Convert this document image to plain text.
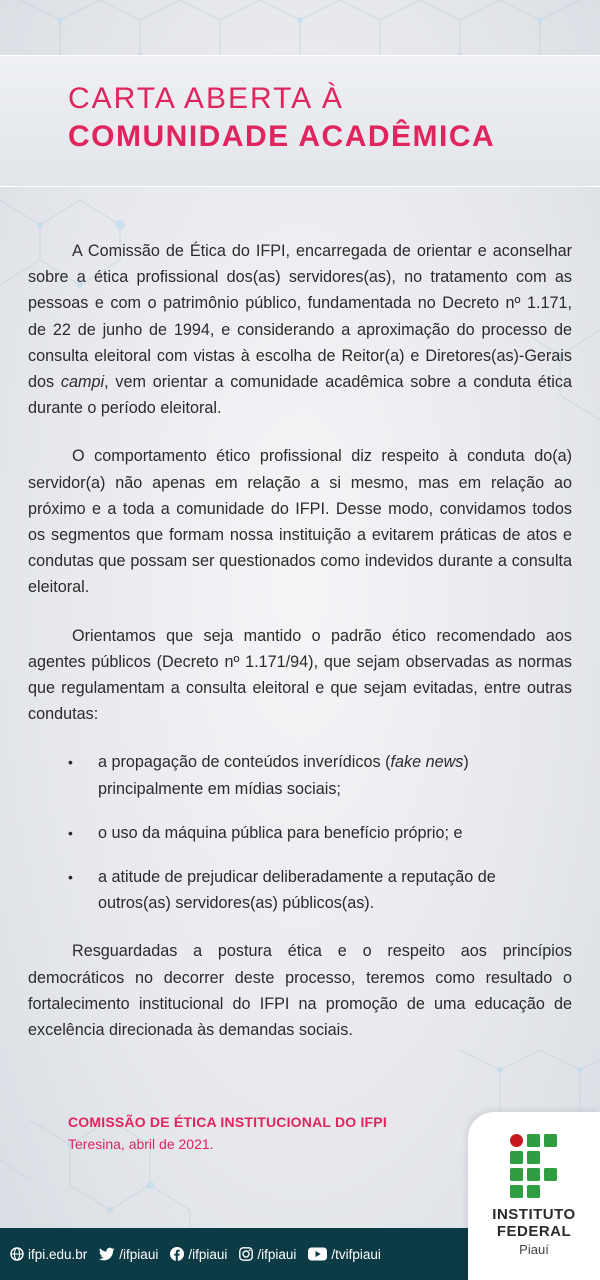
CARTA ABERTA À
COMUNIDADE ACADÊMICA

A Comissão de Ética do IFPI, encarregada de orientar e aconselhar sobre a ética profissional dos(as) servidores(as), no tratamento com as pessoas e com o patrimônio público, fundamentada no Decreto nº 1.171, de 22 de junho de 1994, e considerando a aproximação do processo de consulta eleitoral com vistas à escolha de Reitor(a) e Diretores(as)-Gerais dos campi, vem orientar a comunidade acadêmica sobre a conduta ética durante o período eleitoral.

O comportamento ético profissional diz respeito à conduta do(a) servidor(a) não apenas em relação a si mesmo, mas em relação ao próximo e a toda a comunidade do IFPI. Desse modo, convidamos todos os segmentos que formam nossa instituição a evitarem práticas de atos e condutas que possam ser questionados como indevidos durante a consulta eleitoral.

Orientamos que seja mantido o padrão ético recomendado aos agentes públicos (Decreto nº 1.171/94), que sejam observadas as normas que regulamentam a consulta eleitoral e que sejam evitadas, entre outras condutas:

• a propagação de conteúdos inverídicos (fake news) principalmente em mídias sociais;
• o uso da máquina pública para benefício próprio; e
• a atitude de prejudicar deliberadamente a reputação de outros(as) servidores(as) públicos(as).

Resguardadas a postura ética e o respeito aos princípios democráticos no decorrer deste processo, teremos como resultado o fortalecimento institucional do IFPI na promoção de uma educação de excelência direcionada às demandas sociais.

COMISSÃO DE ÉTICA INSTITUCIONAL DO IFPI
Teresina, abril de 2021.
ifpi.edu.br /ifpiaui /ifpiaui /ifpiaui	/tvifpiaui
INSTITUTO
FEDERAL
Piauí
